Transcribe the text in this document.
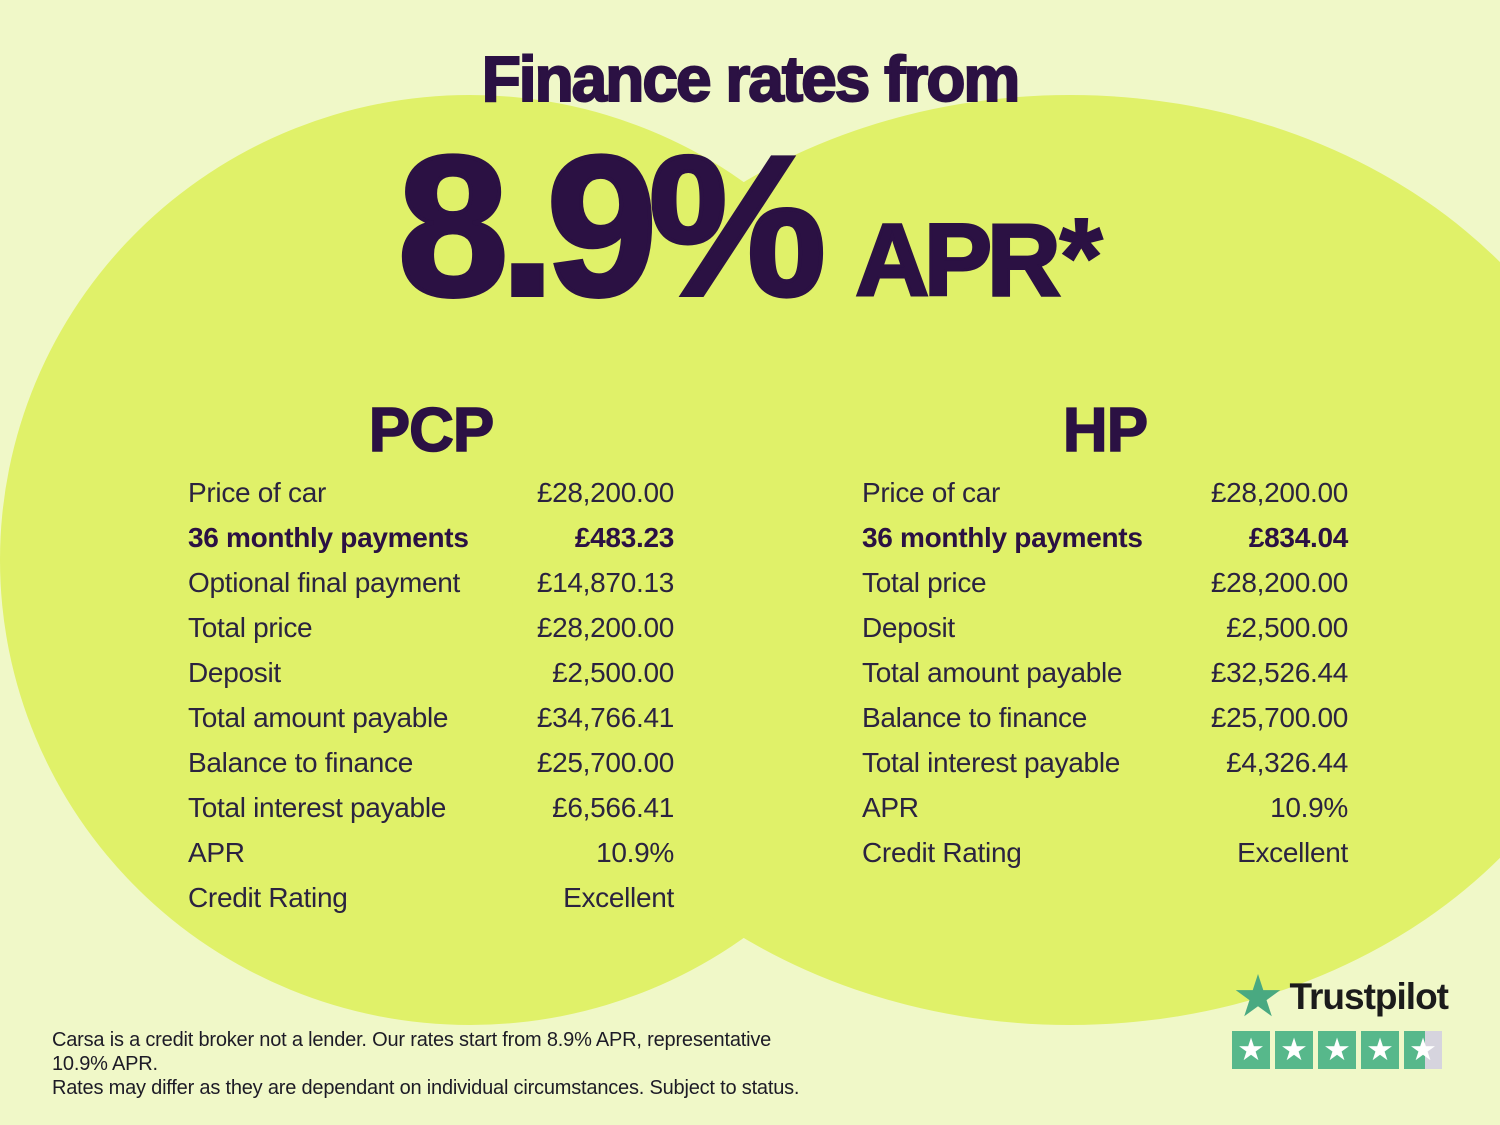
Finance rates from
8.9% APR *
PCP
Price of car	£28,200.00
36 monthly payments	£483.23
Optional final payment	£14,870.13
Total price	£28,200.00
Deposit	£2,500.00
Total amount payable	£34,766.41
Balance to finance	£25,700.00
Total interest payable	£6,566.41
APR	10.9%
Credit Rating	Excellent
HP
Price of car	£28,200.00
36 monthly payments	£834.04
Total price	£28,200.00
Deposit	£2,500.00
Total amount payable	£32,526.44
Balance to finance	£25,700.00
Total interest payable	£4,326.44
APR	10.9%
Credit Rating	Excellent

Carsa is a credit broker not a lender. Our rates start from 8.9% APR, representative 10.9% APR.

Rates may differ as they are dependant on individual circumstances. Subject to status.

★ Trustpilot
★ ★ ★ ★ ★
